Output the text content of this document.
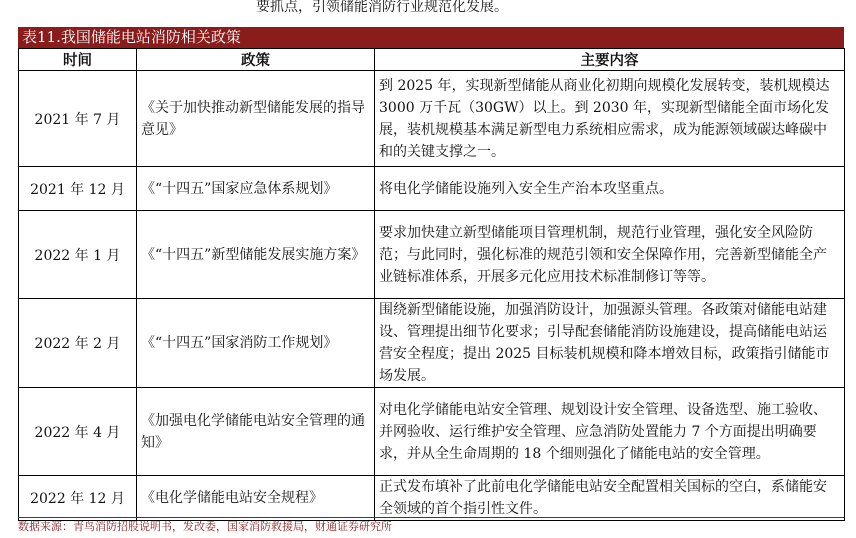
要抓点，引领储能消防行业规范化发展。
表11.我国储能电站消防相关政策
时间	政策	主要内容
2021 年 7 月	《关于加快推动新型储能发展的指导意见》	到 2025 年，实现新型储能从商业化初期向规模化发展转变，装机规模达 3000 万千瓦（30GW）以上。到 2030 年，实现新型储能全面市场化发展，装机规模基本满足新型电力系统相应需求，成为能源领域碳达峰碳中和的关键支撑之一。
2021 年 12 月	《“十四五”国家应急体系规划》	将电化学储能设施列入安全生产治本攻坚重点。
2022 年 1 月	《“十四五”新型储能发展实施方案》	要求加快建立新型储能项目管理机制，规范行业管理，强化安全风险防范；与此同时，强化标准的规范引领和安全保障作用，完善新型储能全产业链标准体系，开展多元化应用技术标准制修订等等。
2022 年 2 月	《“十四五”国家消防工作规划》	围绕新型储能设施，加强消防设计，加强源头管理。各政策对储能电站建设、管理提出细节化要求；引导配套储能消防设施建设，提高储能电站运营安全程度；提出 2025 目标装机规模和降本增效目标，政策指引储能市场发展。
2022 年 4 月	《加强电化学储能电站安全管理的通知》	对电化学储能电站安全管理、规划设计安全管理、设备选型、施工验收、并网验收、运行维护安全管理、应急消防处置能力 7 个方面提出明确要求，并从全生命周期的 18 个细则强化了储能电站的安全管理。
2022 年 12 月	《电化学储能电站安全规程》	正式发布填补了此前电化学储能电站安全配置相关国标的空白，系储能安全领域的首个指引性文件。
数据来源：青鸟消防招股说明书，发改委，国家消防救援局，财通证券研究所
